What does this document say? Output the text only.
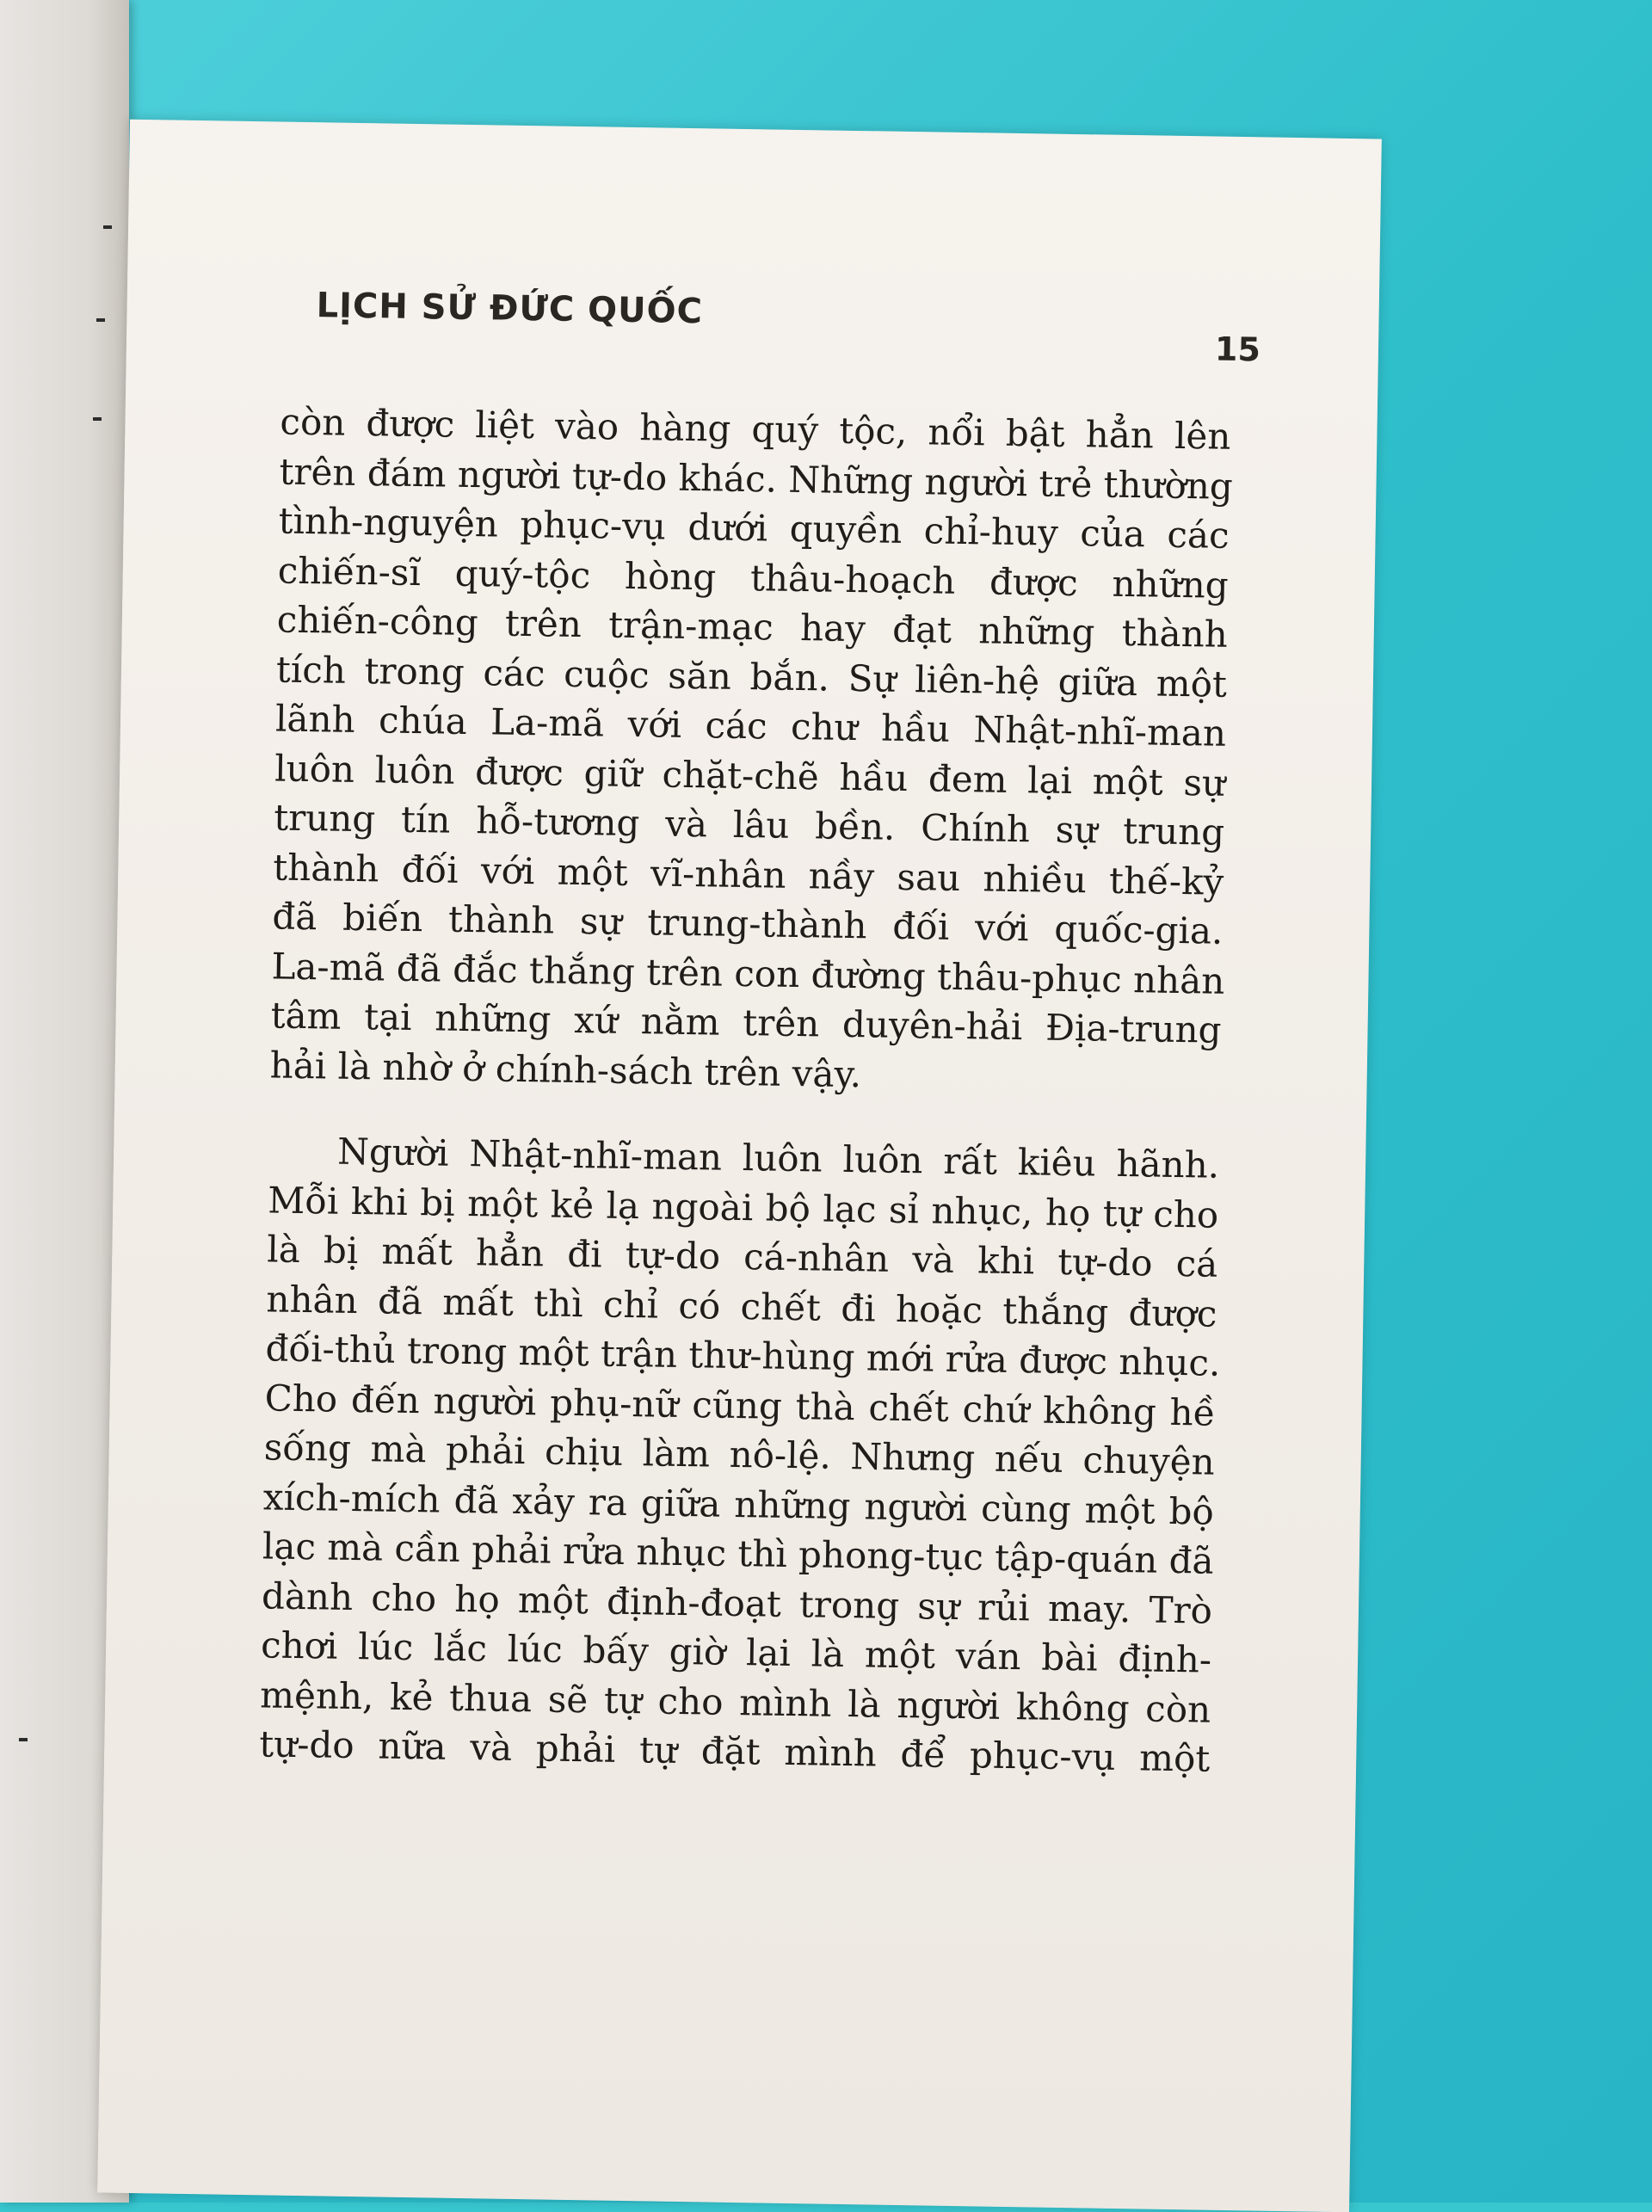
LỊCH SỬ ĐỨC QUỐC
15

còn được liệt vào hàng quý tộc, nổi bật hẳn lên
trên đám người tự-do khác. Những người trẻ thường
tình-nguyện phục-vụ dưới quyền chỉ-huy của các
chiến-sĩ quý-tộc hòng thâu-hoạch được những
chiến-công trên trận-mạc hay đạt những thành
tích trong các cuộc săn bắn. Sự liên-hệ giữa một
lãnh chúa La-mã với các chư hầu Nhật-nhĩ-man
luôn luôn được giữ chặt-chẽ hầu đem lại một sự
trung tín hỗ-tương và lâu bền. Chính sự trung
thành đối với một vĩ-nhân nầy sau nhiều thế-kỷ
đã biến thành sự trung-thành đối với quốc-gia.
La-mã đã đắc thắng trên con đường thâu-phục nhân
tâm tại những xứ nằm trên duyên-hải Địa-trung
hải là nhờ ở chính-sách trên vậy.

Người Nhật-nhĩ-man luôn luôn rất kiêu hãnh.
Mỗi khi bị một kẻ lạ ngoài bộ lạc sỉ nhục, họ tự cho
là bị mất hẳn đi tự-do cá-nhân và khi tự-do cá
nhân đã mất thì chỉ có chết đi hoặc thắng được
đối-thủ trong một trận thư-hùng mới rửa được nhục.
Cho đến người phụ-nữ cũng thà chết chứ không hề
sống mà phải chịu làm nô-lệ. Nhưng nếu chuyện
xích-mích đã xảy ra giữa những người cùng một bộ
lạc mà cần phải rửa nhục thì phong-tục tập-quán đã
dành cho họ một định-đoạt trong sự rủi may. Trò
chơi lúc lắc lúc bấy giờ lại là một ván bài định-
mệnh, kẻ thua sẽ tự cho mình là người không còn
tự-do nữa và phải tự đặt mình để phục-vụ một
